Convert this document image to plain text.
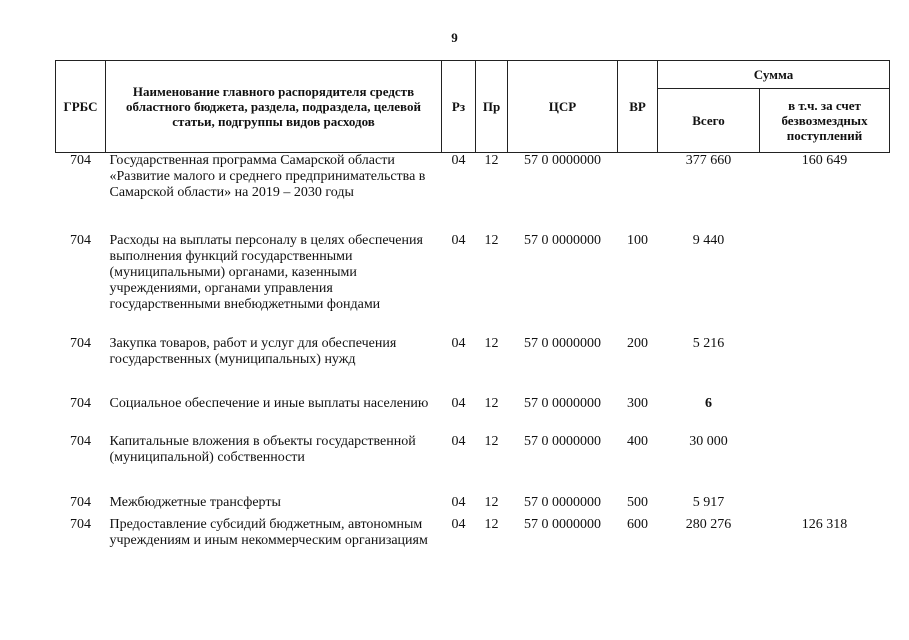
9
ГРБС	Наименование главного распорядителя средств областного бюджета, раздела, подраздела, целевой статьи, подгруппы видов расходов	Рз	Пр	ЦСР	ВР	Сумма	
						Всего	в т.ч. за счет безвозмездных поступлений
704	Государственная программа Самарской области «Развитие малого и среднего предпринимательства в Самарской области» на 2019 – 2030 годы	04	12	57 0 0000000		377 660	160 649
704	Расходы на выплаты персоналу в целях обеспечения выполнения функций государственными (муниципальными) органами, казенными учреждениями, органами управления государственными внебюджетными фондами	04	12	57 0 0000000	100	9 440	
704	Закупка товаров, работ и услуг для обеспечения государственных (муниципальных) нужд	04	12	57 0 0000000	200	5 216	
704	Социальное обеспечение и иные выплаты населению	04	12	57 0 0000000	300	6	
704	Капитальные вложения в объекты государственной (муниципальной) собственности	04	12	57 0 0000000	400	30 000	
704	Межбюджетные трансферты	04	12	57 0 0000000	500	5 917	
704	Предоставление субсидий бюджетным, автономным учреждениям и иным некоммерческим организациям	04	12	57 0 0000000	600	280 276	126 318
